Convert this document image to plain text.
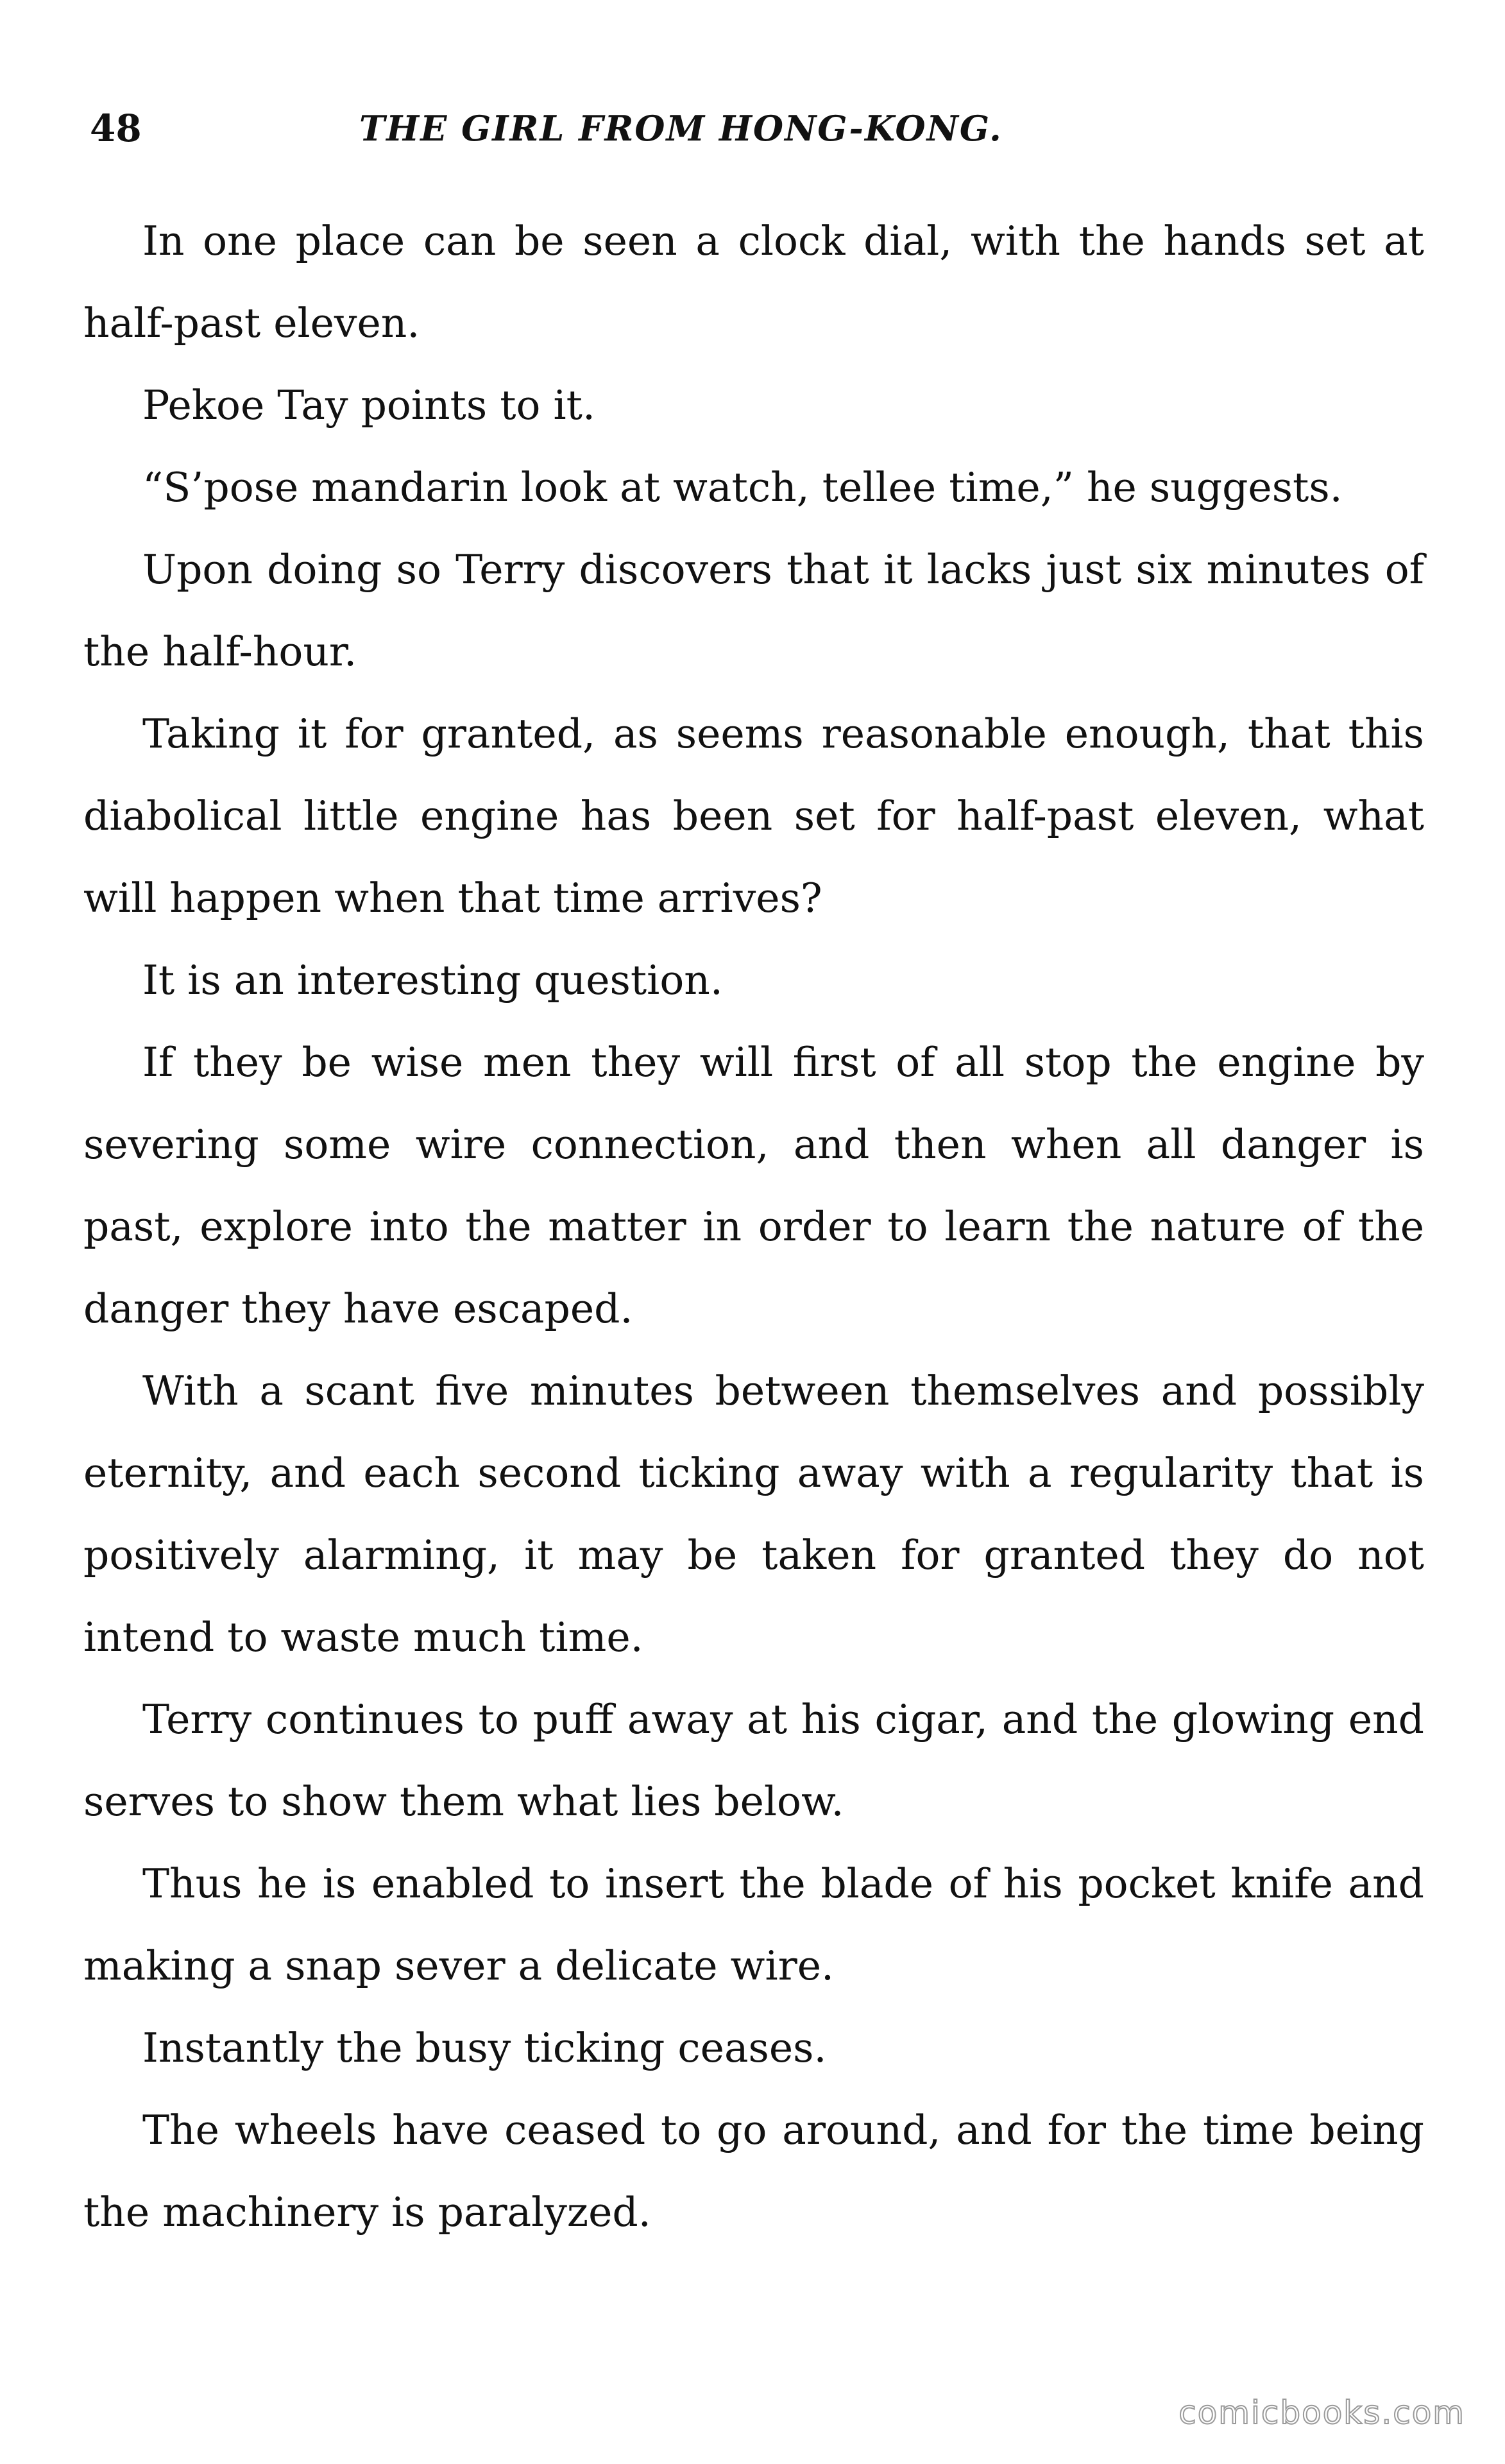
48	THE GIRL FROM HONG-KONG.

In one place can be seen a clock dial, with the hands set at half-past eleven.

Pekoe Tay points to it.

“S’pose mandarin look at watch, tellee time,” he suggests.

Upon doing so Terry discovers that it lacks just six minutes of the half-hour.

Taking it for granted, as seems reasonable enough, that this diabolical little engine has been set for half-past eleven, what will happen when that time arrives?

It is an interesting question.

If they be wise men they will first of all stop the engine by severing some wire connection, and then when all danger is past, explore into the matter in order to learn the nature of the danger they have escaped.

With a scant five minutes between themselves and possibly eternity, and each second ticking away with a regularity that is positively alarming, it may be taken for granted they do not intend to waste much time.

Terry continues to puff away at his cigar, and the glowing end serves to show them what lies below.

Thus he is enabled to insert the blade of his pocket knife and making a snap sever a delicate wire.

Instantly the busy ticking ceases.

The wheels have ceased to go around, and for the time being the machinery is paralyzed.

comicbooks.com
